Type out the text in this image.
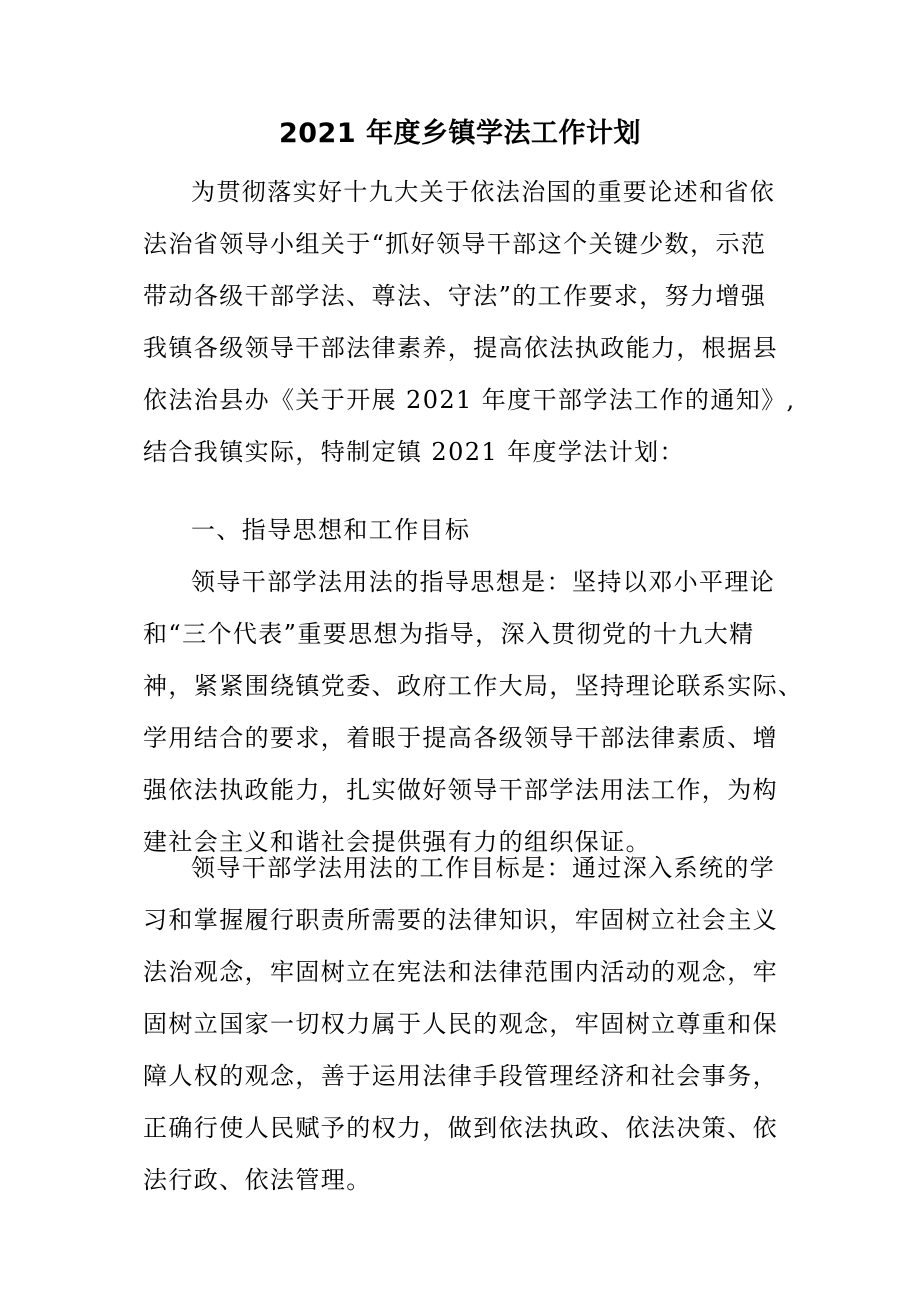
2021 年度乡镇学法工作计划
为贯彻落实好十九大关于依法治国的重要论述和省依
法治省领导小组关于“抓好领导干部这个关键少数，示范
带动各级干部学法、尊法、守法”的工作要求，努力增强
我镇各级领导干部法律素养，提高依法执政能力，根据县
依法治县办《关于开展 2021 年度干部学法工作的通知》,
结合我镇实际，特制定镇 2021 年度学法计划：
一、指导思想和工作目标
领导干部学法用法的指导思想是：坚持以邓小平理论
和“三个代表”重要思想为指导，深入贯彻党的十九大精
神，紧紧围绕镇党委、政府工作大局，坚持理论联系实际、
学用结合的要求，着眼于提高各级领导干部法律素质、增
强依法执政能力，扎实做好领导干部学法用法工作，为构
建社会主义和谐社会提供强有力的组织保证。
领导干部学法用法的工作目标是：通过深入系统的学
习和掌握履行职责所需要的法律知识，牢固树立社会主义
法治观念，牢固树立在宪法和法律范围内活动的观念，牢
固树立国家一切权力属于人民的观念，牢固树立尊重和保
障人权的观念，善于运用法律手段管理经济和社会事务，
正确行使人民赋予的权力，做到依法执政、依法决策、依
法行政、依法管理。
